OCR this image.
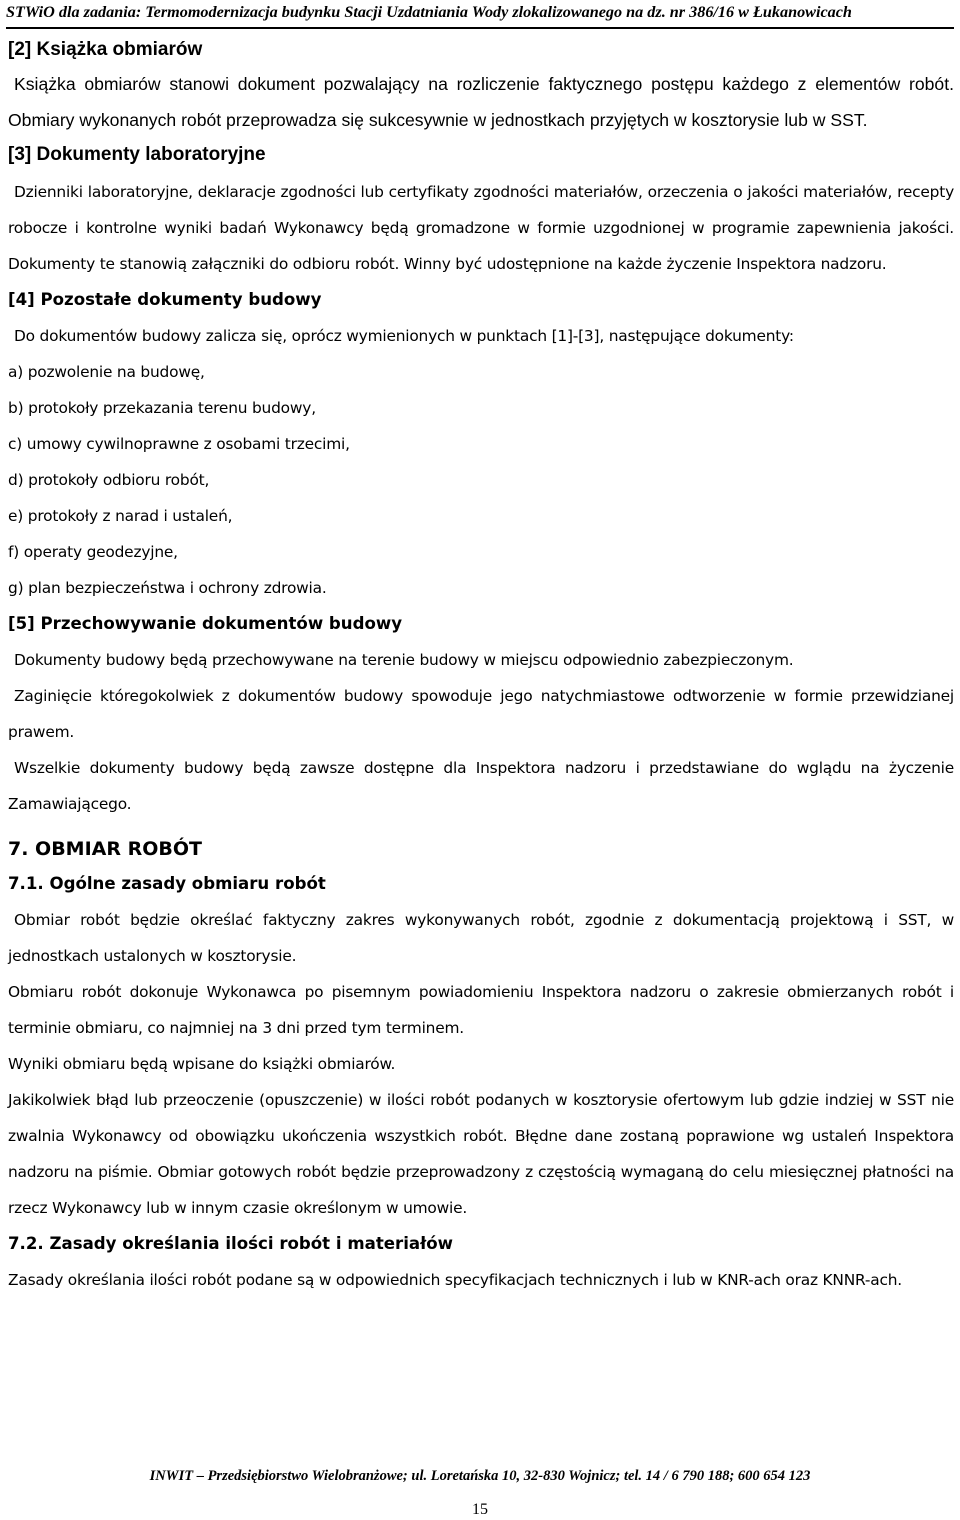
STWiO dla zadania: Termomodernizacja budynku Stacji Uzdatniania Wody zlokalizowanego na dz. nr 386/16 w Łukanowicach
[2] Książka obmiarów

Książka obmiarów stanowi dokument pozwalający na rozliczenie faktycznego postępu każdego z elementów robót. Obmiary wykonanych robót przeprowadza się sukcesywnie w jednostkach przyjętych w kosztorysie lub w SST.

[3] Dokumenty laboratoryjne

Dzienniki laboratoryjne, deklaracje zgodności lub certyfikaty zgodności materiałów, orzeczenia o jakości materiałów, recepty robocze i kontrolne wyniki badań Wykonawcy będą gromadzone w formie uzgodnionej w programie zapewnienia jakości. Dokumenty te stanowią załączniki do odbioru robót. Winny być udostępnione na każde życzenie Inspektora nadzoru.

[4] Pozostałe dokumenty budowy

Do dokumentów budowy zalicza się, oprócz wymienionych w punktach [1]-[3], następujące dokumenty:

a) pozwolenie na budowę,

b) protokoły przekazania terenu budowy,

c) umowy cywilnoprawne z osobami trzecimi,

d) protokoły odbioru robót,

e) protokoły z narad i ustaleń,

f) operaty geodezyjne,

g) plan bezpieczeństwa i ochrony zdrowia.

[5] Przechowywanie dokumentów budowy

Dokumenty budowy będą przechowywane na terenie budowy w miejscu odpowiednio zabezpieczonym.

Zaginięcie któregokolwiek z dokumentów budowy spowoduje jego natychmiastowe odtworzenie w formie przewidzianej prawem.

Wszelkie dokumenty budowy będą zawsze dostępne dla Inspektora nadzoru i przedstawiane do wglądu na życzenie Zamawiającego.

7. OBMIAR ROBÓT
7.1. Ogólne zasady obmiaru robót

Obmiar robót będzie określać faktyczny zakres wykonywanych robót, zgodnie z dokumentacją projektową i SST, w jednostkach ustalonych w kosztorysie.

Obmiaru robót dokonuje Wykonawca po pisemnym powiadomieniu Inspektora nadzoru o zakresie obmierzanych robót i terminie obmiaru, co najmniej na 3 dni przed tym terminem.

Wyniki obmiaru będą wpisane do książki obmiarów.

Jakikolwiek błąd lub przeoczenie (opuszczenie) w ilości robót podanych w kosztorysie ofertowym lub gdzie indziej w SST nie zwalnia Wykonawcy od obowiązku ukończenia wszystkich robót. Błędne dane zostaną poprawione wg ustaleń Inspektora nadzoru na piśmie. Obmiar gotowych robót będzie przeprowadzony z częstością wymaganą do celu miesięcznej płatności na rzecz Wykonawcy lub w innym czasie określonym w umowie.

7.2. Zasady określania ilości robót i materiałów

Zasady określania ilości robót podane są w odpowiednich specyfikacjach technicznych i lub w KNR-ach oraz KNNR-ach.

INWIT – Przedsiębiorstwo Wielobranżowe; ul. Loretańska 10, 32-830 Wojnicz; tel. 14 / 6 790 188; 600 654 123
15
